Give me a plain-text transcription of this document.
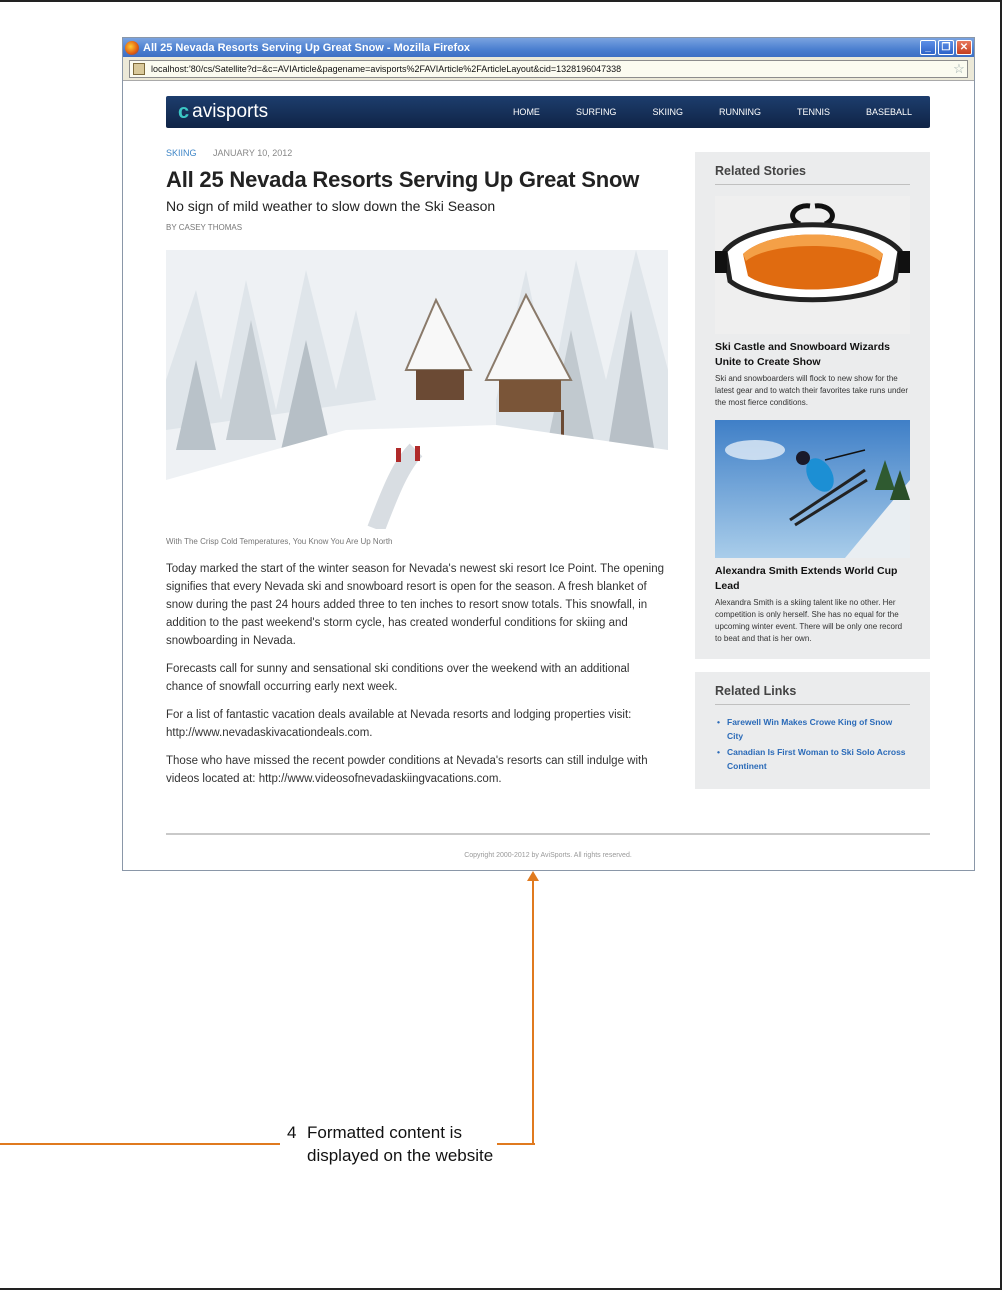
All 25 Nevada Resorts Serving Up Great Snow - Mozilla Firefox	_	❐ ✕
localhost:'80/cs/Satellite?d=&c=AVIArticle&pagename=avisports%2FAVIArticle%2FArticleLayout&cid=1328196047338	☆
c avisports	HOME	SURFING	SKIING	RUNNING	TENNIS	BASEBALL
SKIING JANUARY 10, 2012
All 25 Nevada Resorts Serving Up Great Snow
No sign of mild weather to slow down the Ski Season
BY CASEY THOMAS
With The Crisp Cold Temperatures, You Know You Are Up North

Today marked the start of the winter season for Nevada's newest ski resort Ice Point. The opening signifies that every Nevada ski and snowboard resort is open for the season. A fresh blanket of snow during the past 24 hours added three to ten inches to resort snow totals. This snowfall, in addition to the past weekend's storm cycle, has created wonderful conditions for skiing and snowboarding in Nevada.

Forecasts call for sunny and sensational ski conditions over the weekend with an additional chance of snowfall occurring early next week.

For a list of fantastic vacation deals available at Nevada resorts and lodging properties visit: http://www.nevadaskivacationdeals.com.

Those who have missed the recent powder conditions at Nevada's resorts can still indulge with videos located at: http://www.videosofnevadaskiingvacations.com.

Related Stories
Ski Castle and Snowboard Wizards Unite to Create Show
Ski and snowboarders will flock to new show for the latest gear and to watch their favorites take runs under the most fierce conditions.
Alexandra Smith Extends World Cup Lead
Alexandra Smith is a skiing talent like no other. Her competition is only herself. She has no equal for the upcoming winter event. There will be only one record to beat and that is her own.
Related Links
• Farewell Win Makes Crowe King of Snow City
• Canadian Is First Woman to Ski Solo Across Continent
Copyright 2000-2012 by AviSports. All rights reserved.
4 Formatted content is
displayed on the website
